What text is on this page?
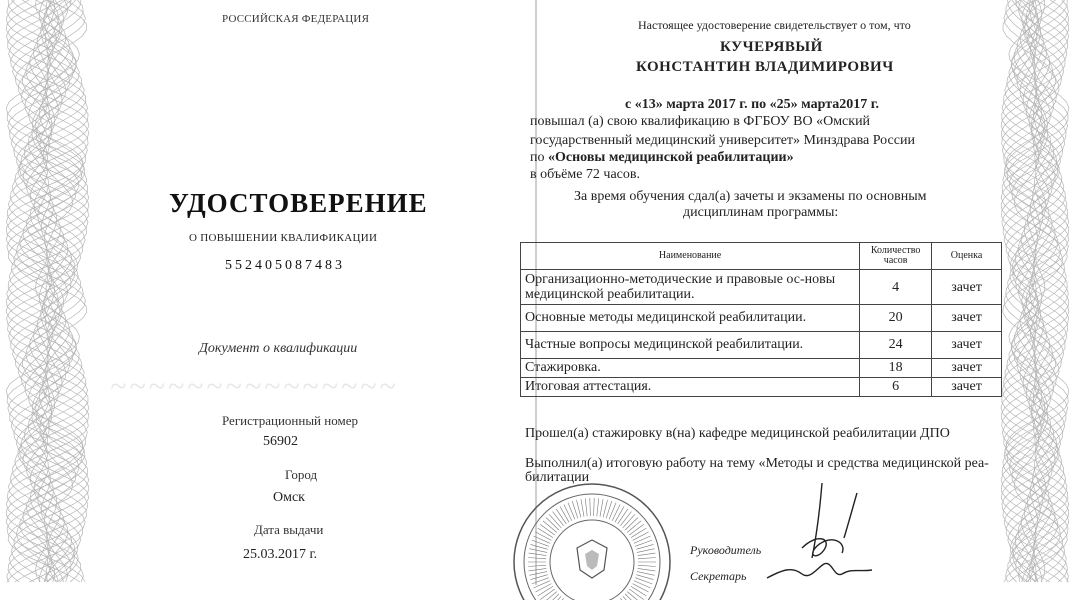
~~~~~~~~~~~~~~~
РОССИЙСКАЯ ФЕДЕРАЦИЯ
УДОСТОВЕРЕНИЕ
О ПОВЫШЕНИИ КВАЛИФИКАЦИИ
552405087483
Документ о квалификации
Регистрационный номер
56902
Город
Омск
Дата выдачи
25.03.2017 г.
Настоящее удостоверение свидетельствует о том, что
КУЧЕРЯВЫЙ
КОНСТАНТИН ВЛАДИМИРОВИЧ
с «13» марта 2017 г. по «25» марта2017 г.
повышал (а) свою квалификацию в ФГБОУ ВО «Омский
государственный медицинский университет» Минздрава России
по «Основы медицинской реабилитации»
в объёме 72 часов.
За время обучения сдал(а) зачеты и экзамены по основным
дисциплинам программы:
Наименование	Количество часов	Оценка
Организационно-методические и правовые ос-новы медицинской реабилитации.	4	зачет
Основные методы медицинской реабилитации.	20	зачет
Частные вопросы медицинской реабилитации.	24	зачет
Стажировка.	18	зачет
Итоговая аттестация.	6	зачет
Прошел(а) стажировку в(на) кафедре медицинской реабилитации ДПО
Выполнил(а) итоговую работу на тему «Методы и средства медицинской реа-
билитации
Руководитель
Секретарь
